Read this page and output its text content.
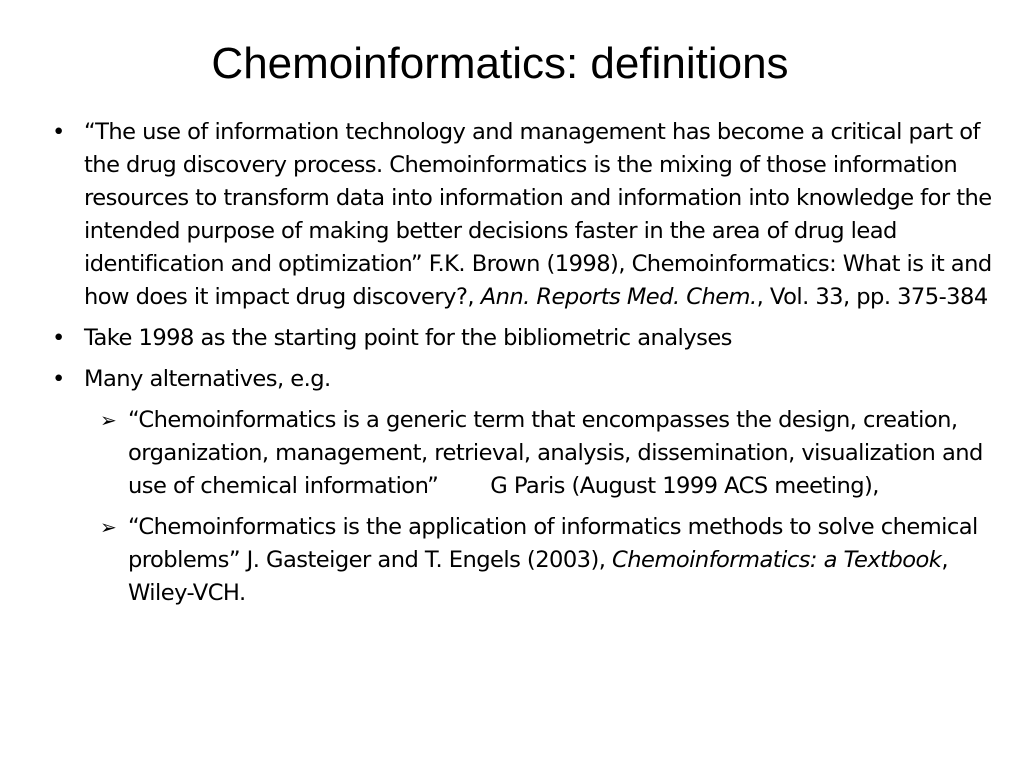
Chemoinformatics: definitions
• “The use of information technology and management has become a critical part of the drug discovery process. Chemoinformatics is the mixing of those information resources to transform data into information and information into knowledge for the intended purpose of making better decisions faster in the area of drug lead identification and optimization” F.K. Brown (1998), Chemoinformatics: What is it and how does it impact drug discovery?, Ann. Reports Med. Chem., Vol. 33, pp. 375-384
• Take 1998 as the starting point for the bibliometric analyses
• Many alternatives, e.g.
➢ “Chemoinformatics is a generic term that encompasses the design, creation, organization, management, retrieval, analysis, dissemination, visualization and use of chemical information” G Paris (August 1999 ACS meeting),
➢ “Chemoinformatics is the application of informatics methods to solve chemical problems” J. Gasteiger and T. Engels (2003), Chemoinformatics: a Textbook, Wiley-VCH.
